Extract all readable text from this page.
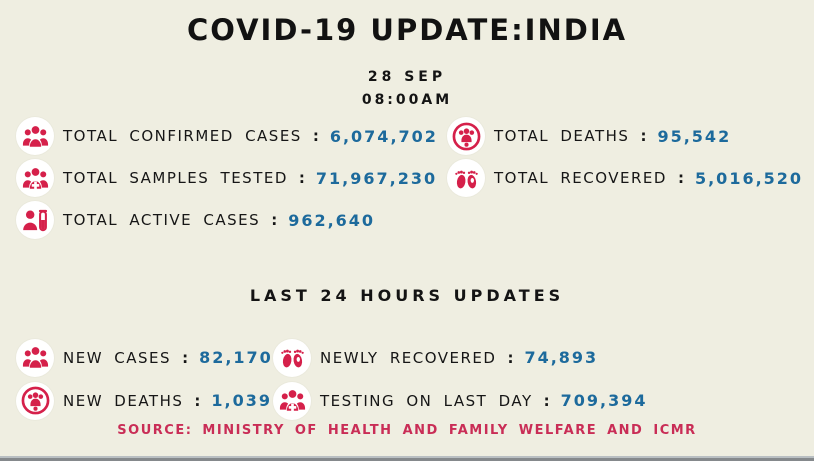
COVID-19 UPDATE:INDIA
28 SEP
08:00AM
TOTAL CONFIRMED CASES : 6,074,702	TOTAL DEATHS : 95,542
TOTAL SAMPLES TESTED : 71,967,230	TOTAL RECOVERED : 5,016,520
TOTAL ACTIVE CASES : 962,640
LAST 24 HOURS UPDATES
NEW CASES : 82,170	NEWLY RECOVERED : 74,893
NEW DEATHS : 1,039	TESTING ON LAST DAY : 709,394
SOURCE: MINISTRY OF HEALTH AND FAMILY WELFARE AND ICMR
